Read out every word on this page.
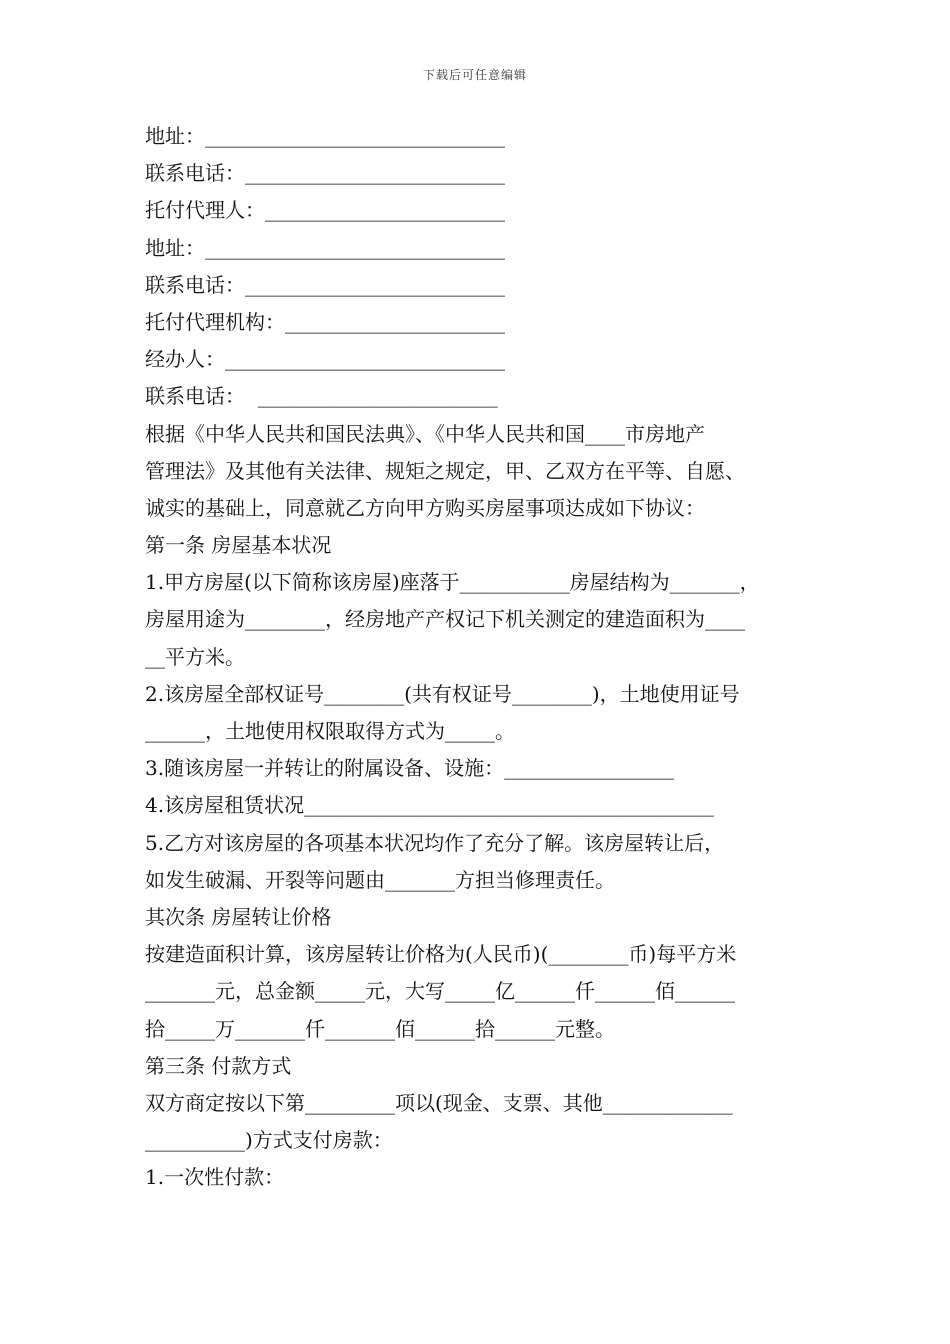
下载后可任意编辑
地址：______________________________
联系电话：__________________________
托付代理人：________________________
地址：______________________________
联系电话：__________________________
托付代理机构：______________________
经办人：____________________________
联系电话：  ________________________
根据《中华人民共和国民法典》、《中华人民共和国____市房地产
管理法》及其他有关法律、规矩之规定，甲、乙双方在平等、自愿、
诚实的基础上，同意就乙方向甲方购买房屋事项达成如下协议：
第一条 房屋基本状况
1.甲方房屋(以下简称该房屋)座落于___________房屋结构为_______，
房屋用途为________，经房地产产权记下机关测定的建造面积为____
__平方米。
2.该房屋全部权证号________(共有权证号________)，土地使用证号
______，土地使用权限取得方式为_____。
3.随该房屋一并转让的附属设备、设施：_________________
4.该房屋租赁状况_________________________________________
5.乙方对该房屋的各项基本状况均作了充分了解。该房屋转让后，
如发生破漏、开裂等问题由_______方担当修理责任。
其次条 房屋转让价格
按建造面积计算，该房屋转让价格为(人民币)(________币)每平方米
_______元，总金额_____元，大写_____亿______仟______佰______
拾_____万_______仟_______佰______拾______元整。
第三条 付款方式
双方商定按以下第_________项以(现金、支票、其他_____________
__________)方式支付房款：
1.一次性付款：
